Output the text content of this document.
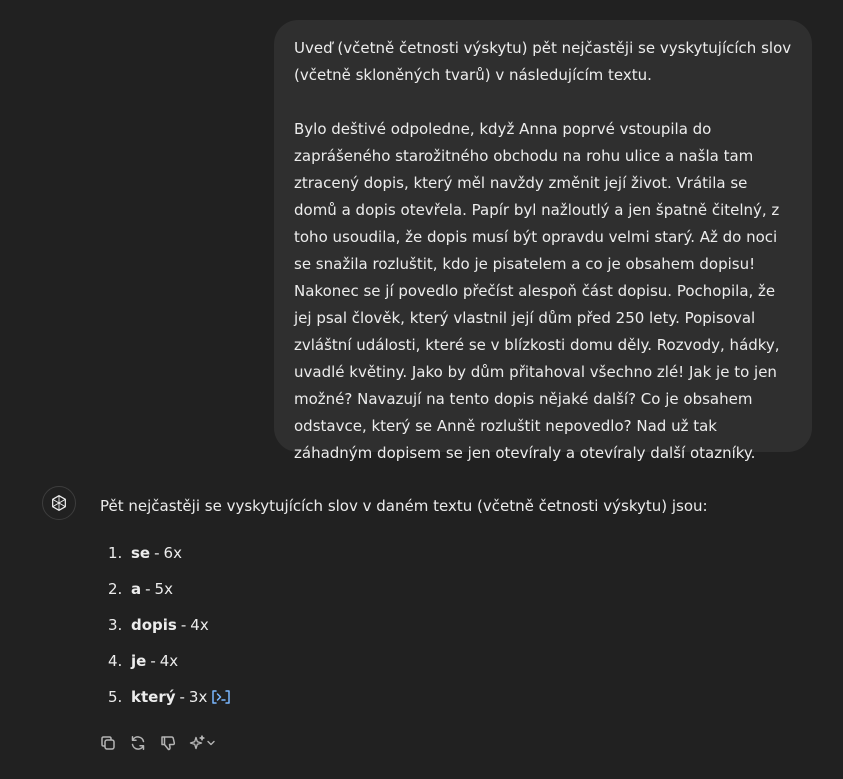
Uveď (včetně četnosti výskytu) pět nejčastěji se vyskytujících slov (včetně skloněných tvarů) v následujícím textu.

Bylo deštivé odpoledne, když Anna poprvé vstoupila do zaprášeného starožitného obchodu na rohu ulice a našla tam ztracený dopis, který měl navždy změnit její život. Vrátila se domů a dopis otevřela. Papír byl nažloutlý a jen špatně čitelný, z toho usoudila, že dopis musí být opravdu velmi starý. Až do noci se snažila rozluštit, kdo je pisatelem a co je obsahem dopisu! Nakonec se jí povedlo přečíst alespoň část dopisu. Pochopila, že jej psal člověk, který vlastnil její dům před 250 lety. Popisoval zvláštní události, které se v blízkosti domu děly. Rozvody, hádky, uvadlé květiny. Jako by dům přitahoval všechno zlé! Jak je to jen možné? Navazují na tento dopis nějaké další? Co je obsahem odstavce, který se Anně rozluštit nepovedlo? Nad už tak záhadným dopisem se jen otevíraly a otevíraly další otazníky.

Pět nejčastěji se vyskytujících slov v daném textu (včetně četnosti výskytu) jsou:

1. se - 6x
2. a - 5x
3. dopis - 4x
4. je - 4x
5. který - 3x
